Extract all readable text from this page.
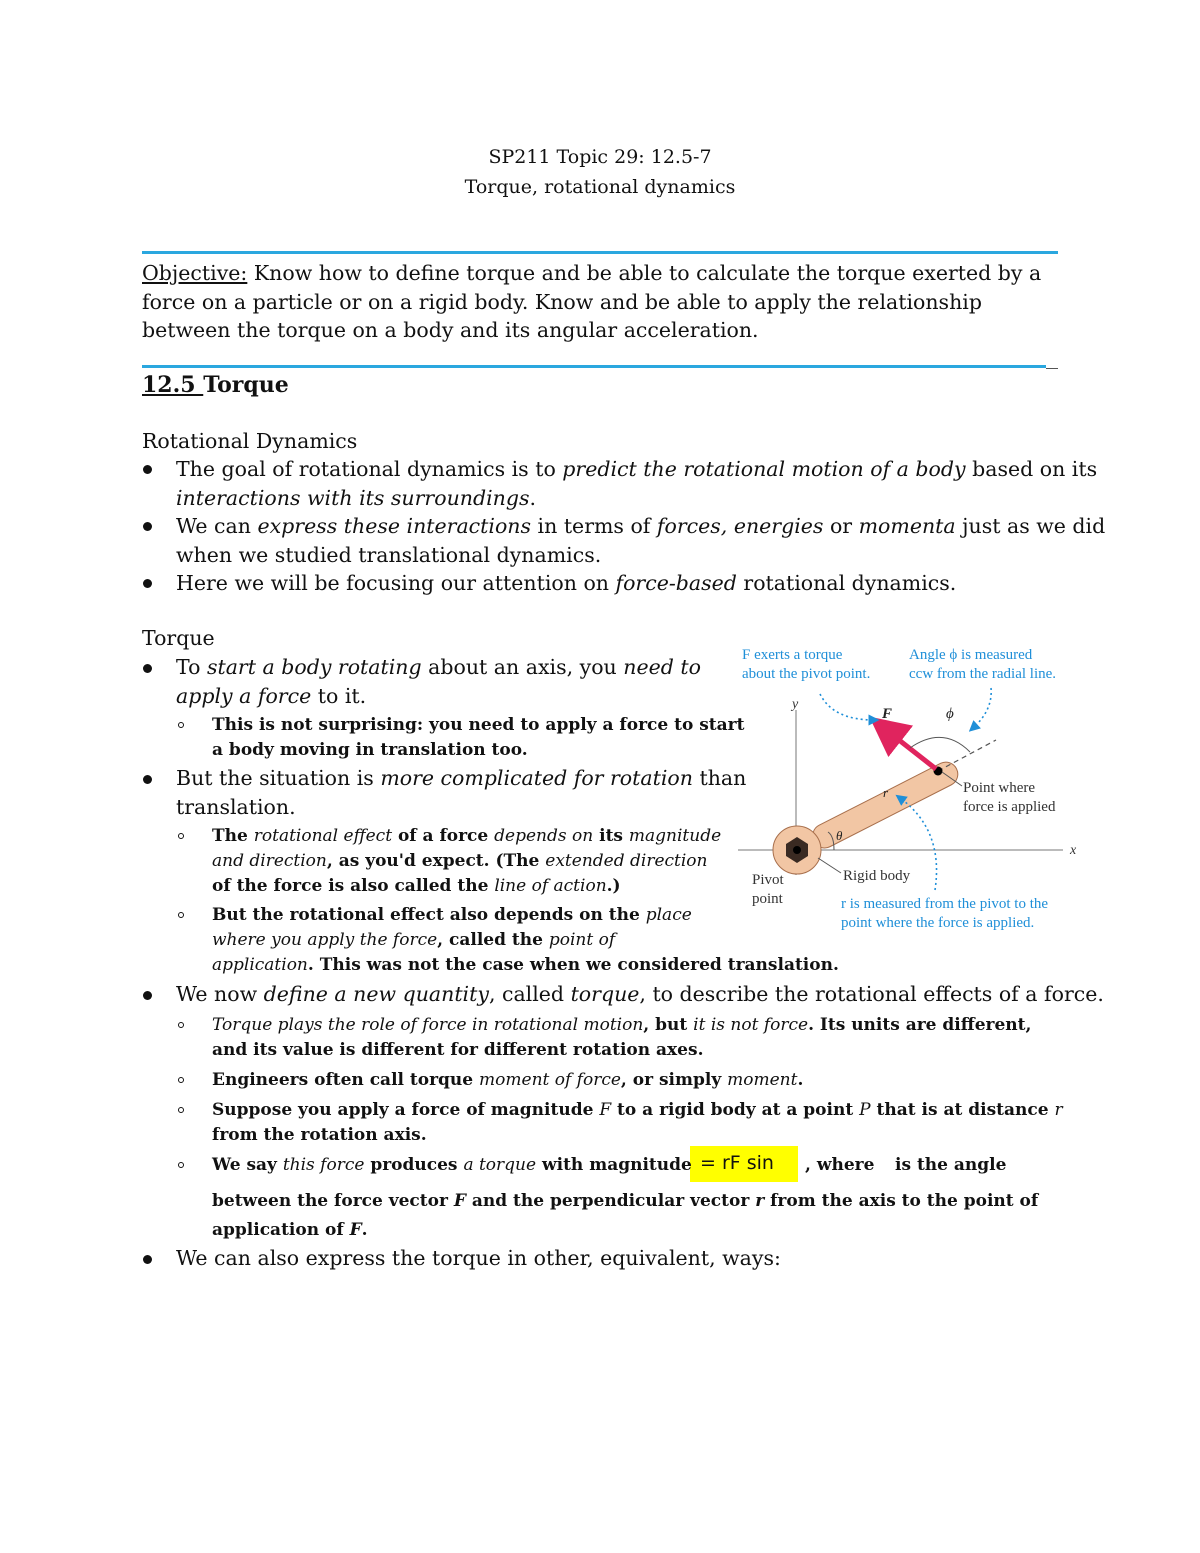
SP211 Topic 29: 12.5-7
Torque, rotational dynamics
Objective: Know how to define torque and be able to calculate the torque exerted by a force on a particle or on a rigid body. Know and be able to apply the relationship between the torque on a body and its angular acceleration.
12.5 Torque
Rotational Dynamics
The goal of rotational dynamics is to predict the rotational motion of a body based on its
interactions with its surroundings.
We can express these interactions in terms of forces, energies or momenta just as we did
when we studied translational dynamics.
Here we will be focusing our attention on force-based rotational dynamics.
Torque
To start a body rotating about an axis, you need to
apply a force to it.
This is not surprising: you need to apply a force to start
a body moving in translation too.
But the situation is more complicated for rotation than
translation.
The rotational effect of a force depends on its magnitude
and direction, as you'd expect. (The extended direction
of the force is also called the line of action.)
But the rotational effect also depends on the place
where you apply the force, called the point of
application. This was not the case when we considered translation.
We now define a new quantity, called torque, to describe the rotational effects of a force.
Torque plays the role of force in rotational motion, but it is not force. Its units are different,
and its value is different for different rotation axes.
Engineers often call torque moment of force, or simply moment.
Suppose you apply a force of magnitude F to a rigid body at a point P that is at distance r
from the rotation axis.
= rF sin
We say this force produces a torque with magnitude	, where is the angle
between the force vector F and the perpendicular vector r from the axis to the point of
application of F.
We can also express the torque in other, equivalent, ways:
y
x
F	ϕ
θ
r
F exerts a torque
about the pivot point.
Angle ϕ is measured
ccw from the radial line.
Point where
force is applied
Pivot
point
Rigid body
r is measured from the pivot to the
point where the force is applied.
